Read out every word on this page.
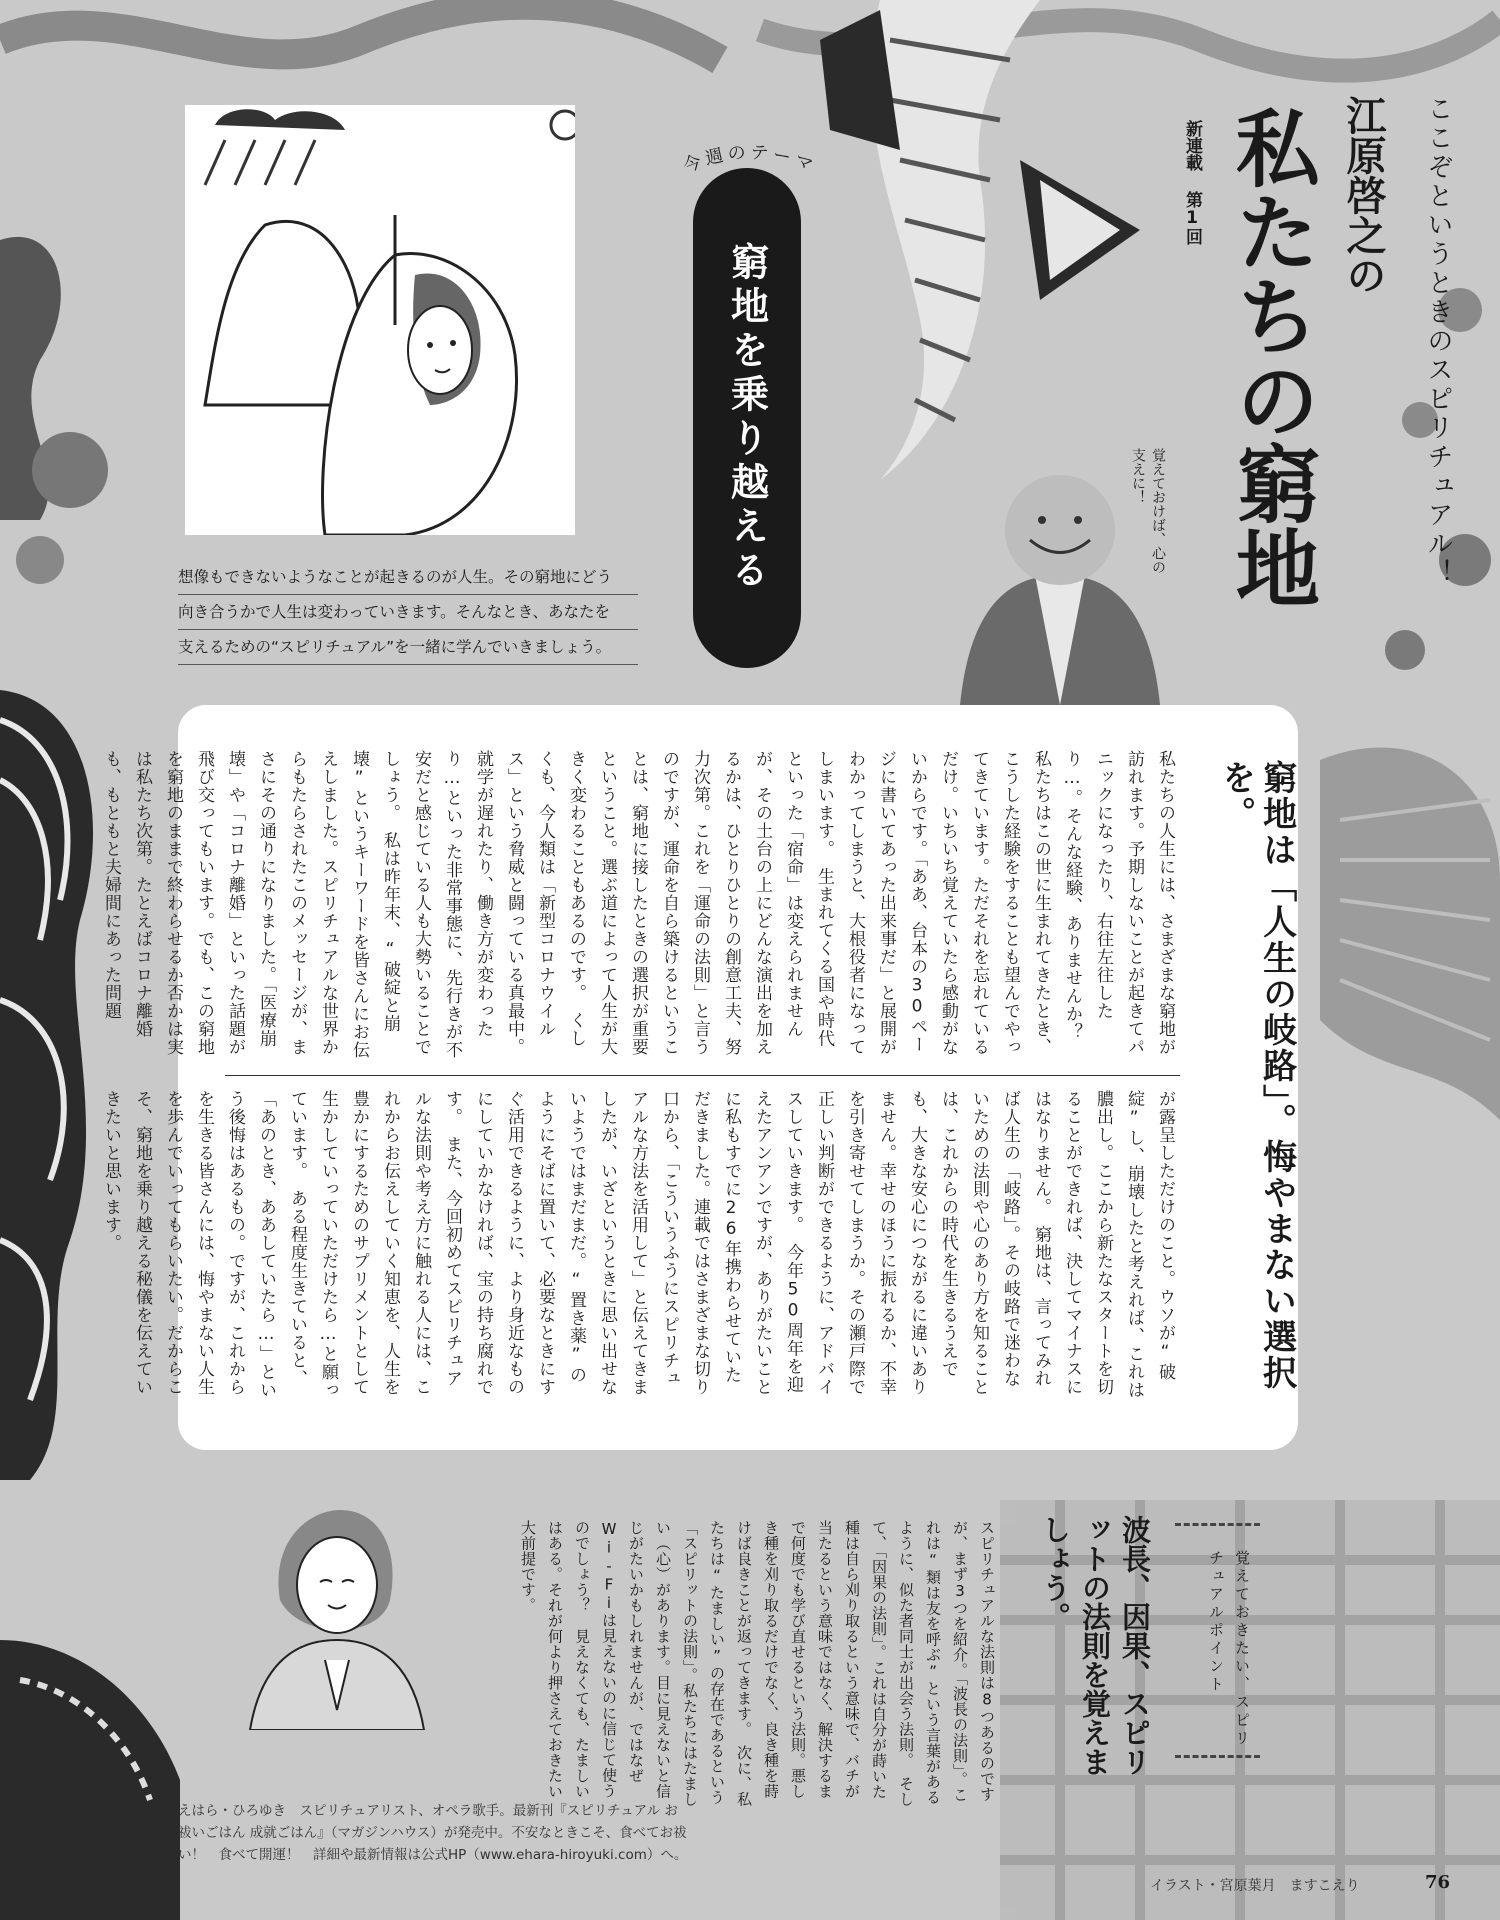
ここぞというときのスピリチュアル！
新連載 第1回	江原啓之の
私たちの窮地
今週のテーマ
窮地を乗り越える	覚えておけば、心の支えに！
想像もできないようなことが起きるのが人生。その窮地にどう
向き合うかで人生は変わっていきます。そんなとき、あなたを
支えるための“スピリチュアル”を一緒に学んでいきましょう。
窮地は「人生の岐路」。悔やまない選択を。

私たちの人生には、さまざまな窮地が訪れます。予期しないことが起きてパニックになったり、右往左往したり…。そんな経験、ありませんか？　私たちはこの世に生まれてきたとき、こうした経験をすることも望んでやってきています。ただそれを忘れているだけ。いちいち覚えていたら感動がないからです。「ああ、台本の30ページに書いてあった出来事だ」と展開がわかってしまうと、大根役者になってしまいます。　生まれてくる国や時代といった「宿命」は変えられませんが、その土台の上にどんな演出を加えるかは、ひとりひとりの創意工夫、努力次第。これを「運命の法則」と言うのですが、運命を自ら築けるということは、窮地に接したときの選択が重要ということ。選ぶ道によって人生が大きく変わることもあるのです。　くしくも、今人類は「新型コロナウイルス」という脅威と闘っている真最中。就学が遅れたり、働き方が変わったり…といった非常事態に、先行きが不安だと感じている人も大勢いることでしょう。　私は昨年末、“破綻と崩壊”というキーワードを皆さんにお伝えしました。スピリチュアルな世界からもたらされたこのメッセージが、まさにその通りになりました。「医療崩壊」や「コロナ離婚」といった話題が飛び交ってもいます。でも、この窮地を窮地のままで終わらせるか否かは実は私たち次第。たとえばコロナ離婚も、もともと夫婦間にあった問題

が露呈しただけのこと。ウソが“破綻”し、崩壊したと考えれば、これは膿出し。ここから新たなスタートを切ることができれば、決してマイナスにはなりません。　窮地は、言ってみれば人生の「岐路」。その岐路で迷わないための法則や心のあり方を知ることは、これからの時代を生きるうえでも、大きな安心につながるに違いありません。幸せのほうに振れるか、不幸を引き寄せてしまうか。その瀬戸際で正しい判断ができるように、アドバイスしていきます。　今年50周年を迎えたアンアンですが、ありがたいことに私もすでに26年携わらせていただきました。連載ではさまざまな切り口から、「こういうふうにスピリチュアルな方法を活用して」と伝えてきましたが、いざというときに思い出せないようではまだまだ。“置き薬”のようにそばに置いて、必要なときにすぐ活用できるように、より身近なものにしていかなければ、宝の持ち腐れです。　また、今回初めてスピリチュアルな法則や考え方に触れる人には、これからお伝えしていく知恵を、人生を豊かにするためのサプリメントとして生かしていっていただけたら…と願っています。　ある程度生きていると、「あのとき、ああしていたら…」という後悔はあるもの。ですが、これからを生きる皆さんには、悔やまない人生を歩んでいってもらいたい。だからこそ、窮地を乗り越える秘儀を伝えていきたいと思います。

覚えておきたい、スピリチュアルポイント
波長、因果、スピリットの法則を覚えましょう。

スピリチュアルな法則は8つあるのですが、まず3つを紹介。「波長の法則」。これは“類は友を呼ぶ”という言葉があるように、似た者同士が出会う法則。　そして、「因果の法則」。これは自分が蒔いた種は自ら刈り取るという意味で、バチが当たるという意味ではなく、解決するまで何度でも学び直せるという法則。悪しき種を刈り取るだけでなく、良き種を蒔けば良きことが返ってきます。　次に、私たちは“たましい”の存在であるという「スピリットの法則」。私たちにはたましい（心）があります。目に見えないと信じがたいかもしれませんが、ではなぜWi-Fiは見えないのに信じて使うのでしょう？　見えなくても、たましいはある。それが何より押さえておきたい大前提です。

えはら・ひろゆき　スピリチュアリスト、オペラ歌手。最新刊『スピリチュアル お
祓いごはん 成就ごはん』（マガジンハウス）が発売中。不安なときこそ、食べてお祓
い！　食べて開運！　詳細や最新情報は公式HP（www.ehara-hiroyuki.com）へ。
イラスト・宮原葉月　ますこえり	76
